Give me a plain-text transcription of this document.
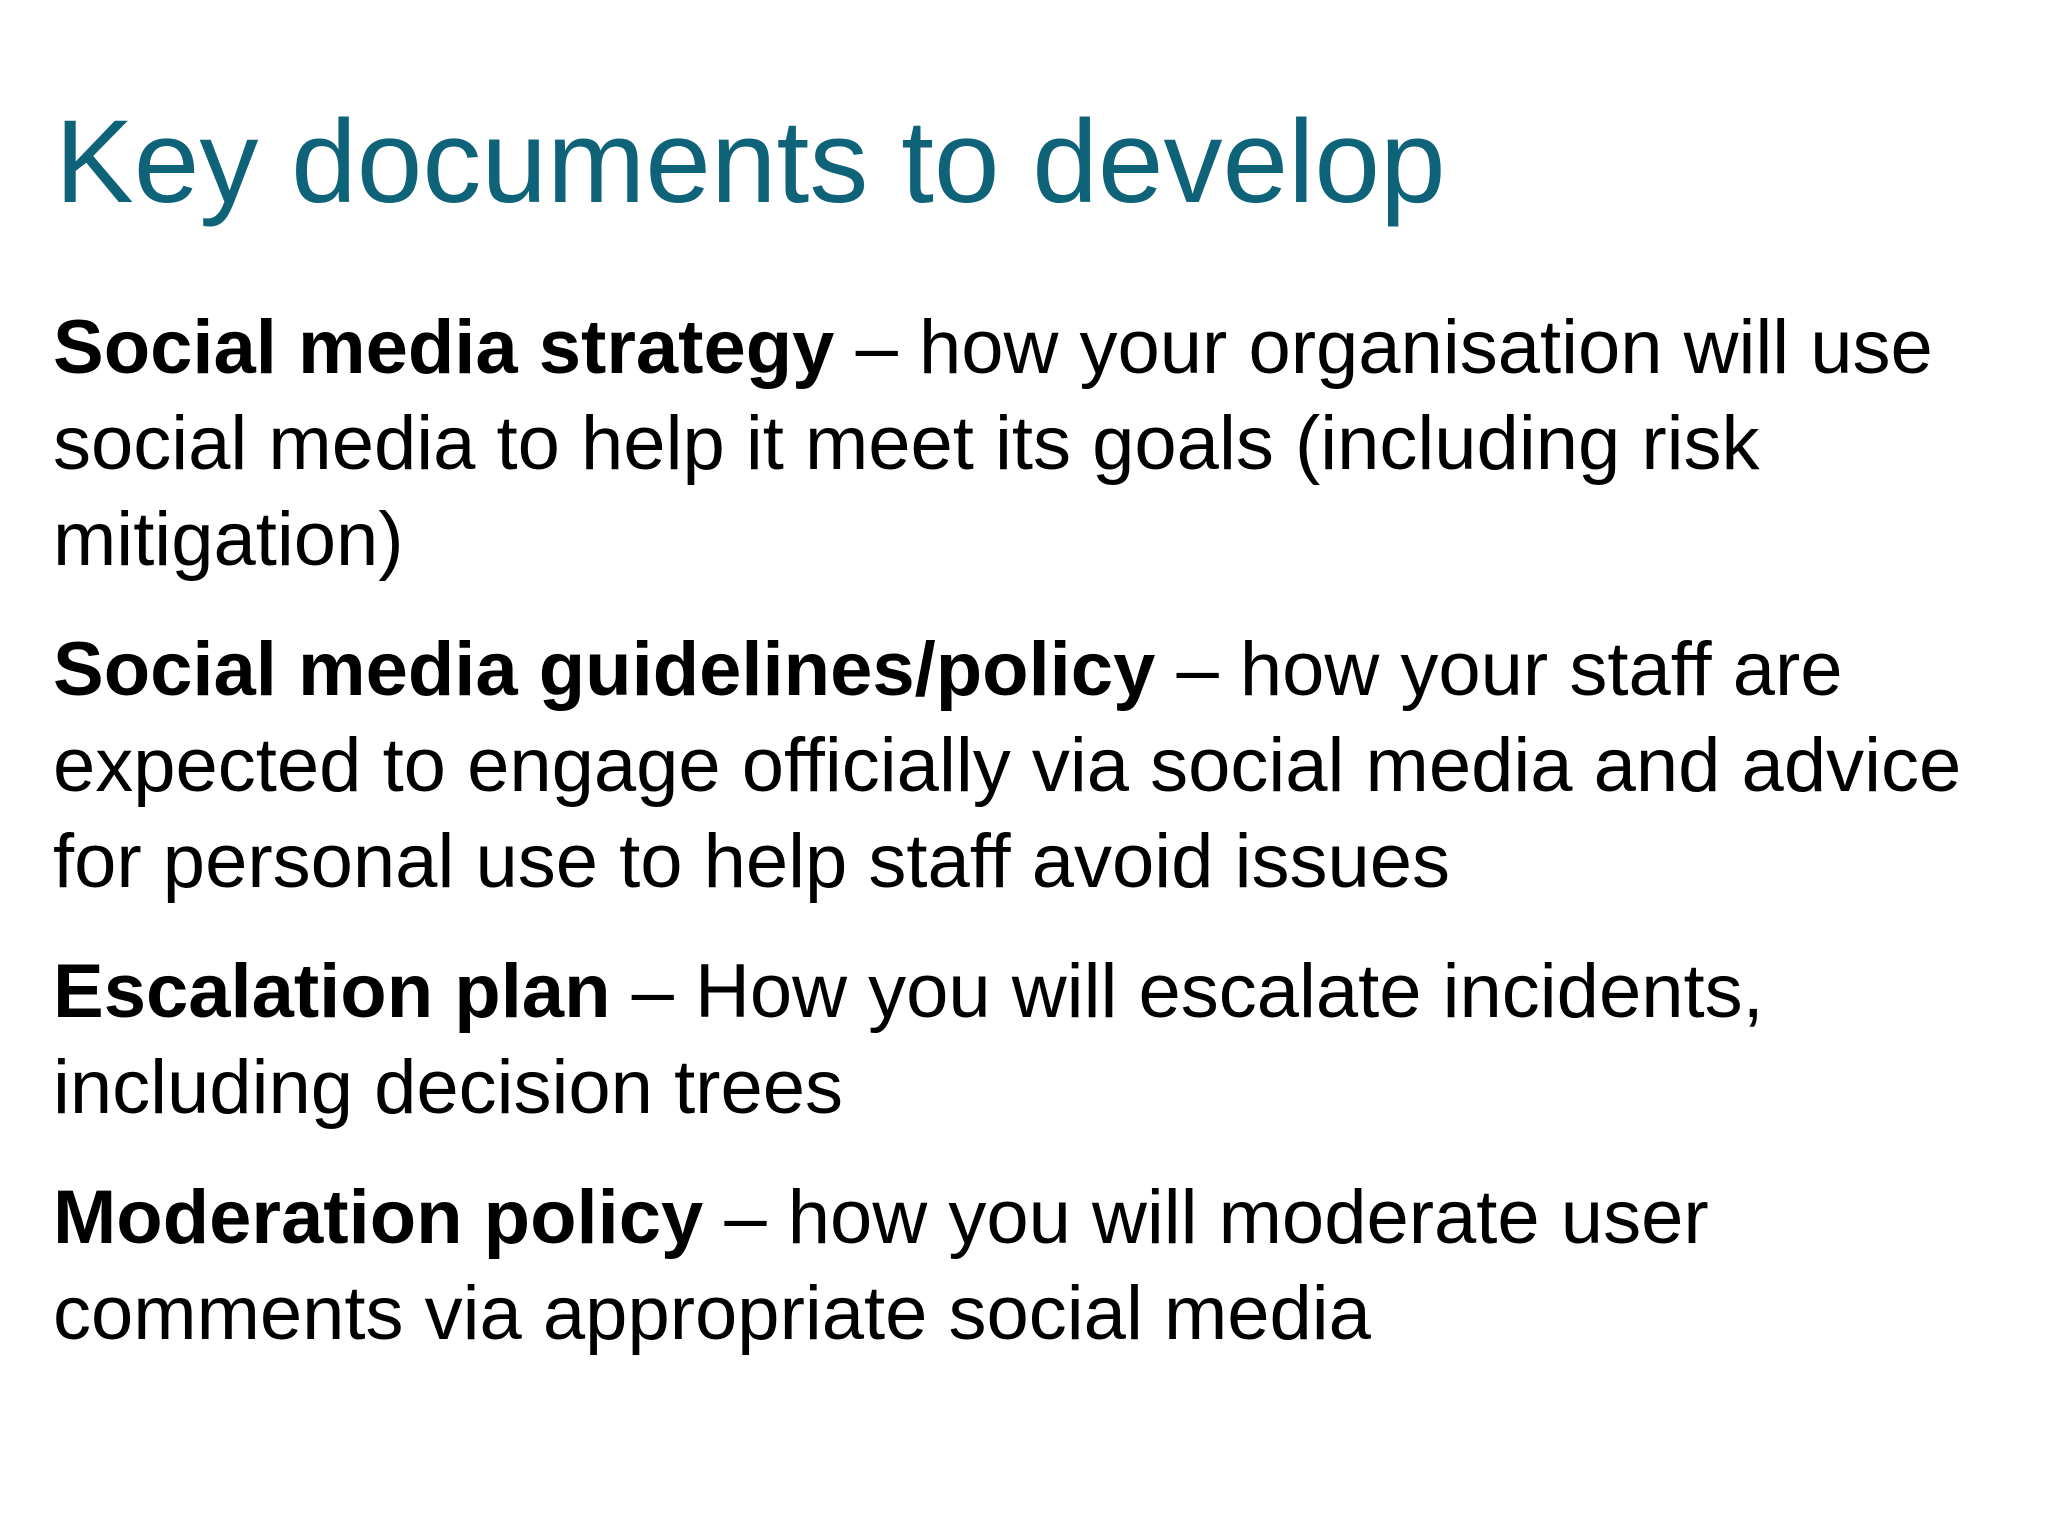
Key documents to develop
Social media strategy – how your organisation will use social media to help it meet its goals (including risk mitigation)
Social media guidelines/policy – how your staff are expected to engage officially via social media and advice for personal use to help staff avoid issues
Escalation plan – How you will escalate incidents, including decision trees
Moderation policy – how you will moderate user comments via appropriate social media
